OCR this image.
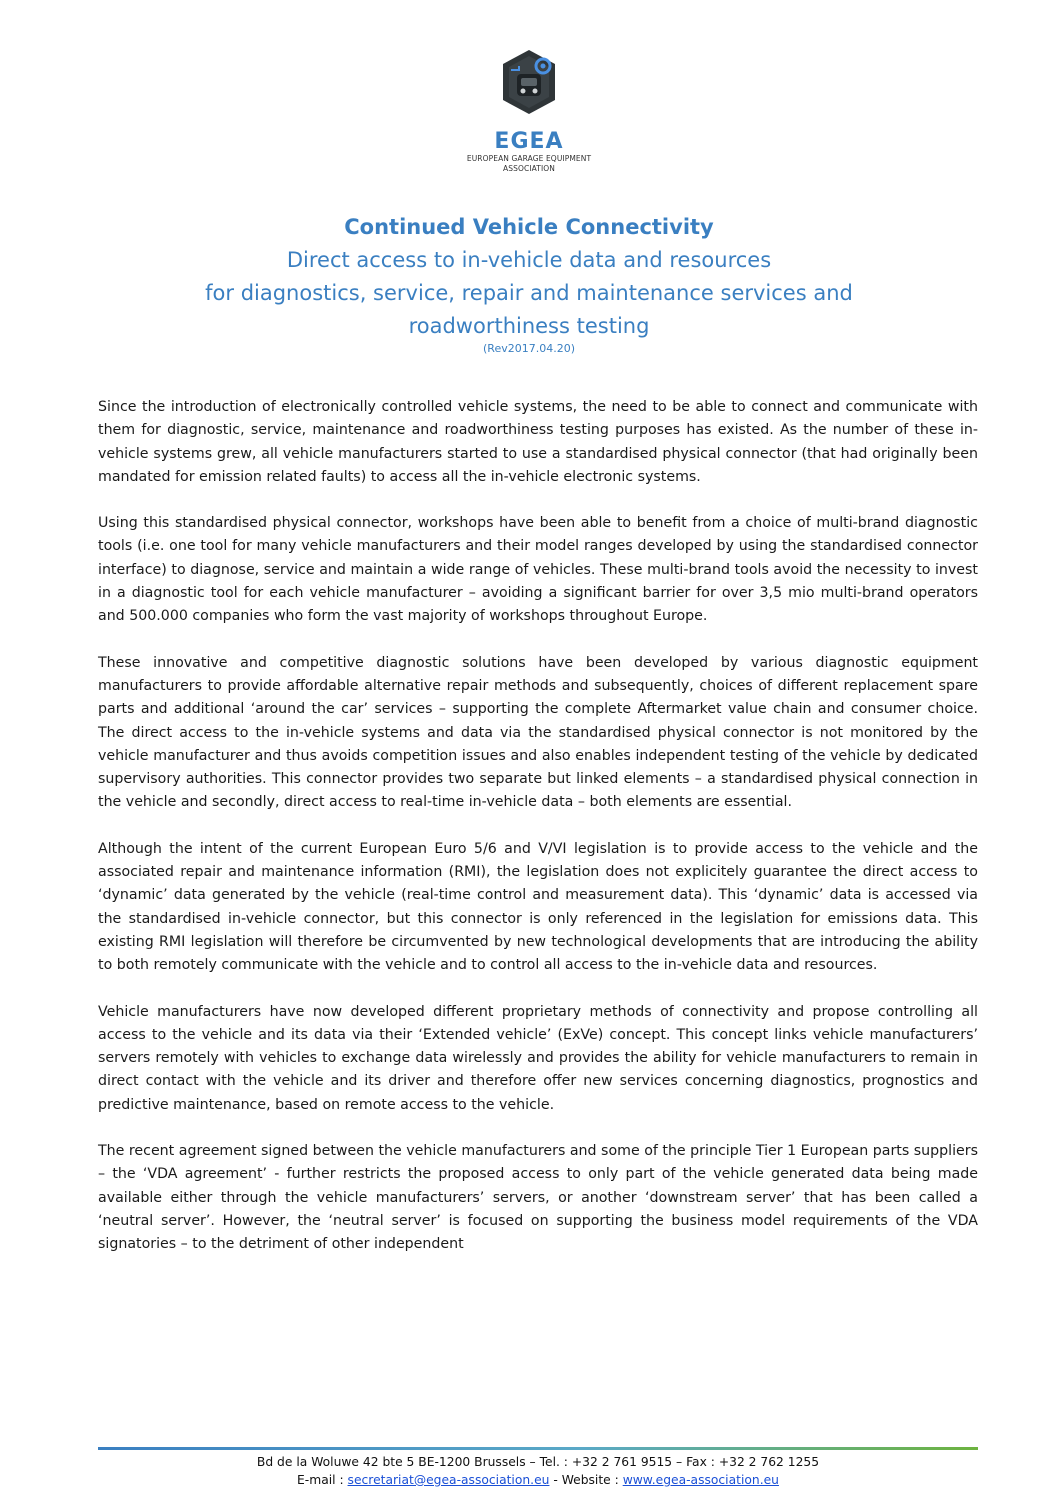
EGEA
EUROPEAN GARAGE EQUIPMENT
ASSOCIATION

Continued Vehicle Connectivity

Direct access to in-vehicle data and resources

for diagnostics, service, repair and maintenance services and

roadworthiness testing

(Rev2017.04.20)

Since the introduction of electronically controlled vehicle systems, the need to be able to connect and communicate with them for diagnostic, service, maintenance and roadworthiness testing purposes has existed. As the number of these in-vehicle systems grew, all vehicle manufacturers started to use a standardised physical connector (that had originally been mandated for emission related faults) to access all the in-vehicle electronic systems.

Using this standardised physical connector, workshops have been able to benefit from a choice of multi-brand diagnostic tools (i.e. one tool for many vehicle manufacturers and their model ranges developed by using the standardised connector interface) to diagnose, service and maintain a wide range of vehicles. These multi-brand tools avoid the necessity to invest in a diagnostic tool for each vehicle manufacturer – avoiding a significant barrier for over 3,5 mio multi-brand operators and 500.000 companies who form the vast majority of workshops throughout Europe.

These innovative and competitive diagnostic solutions have been developed by various diagnostic equipment manufacturers to provide affordable alternative repair methods and subsequently, choices of different replacement spare parts and additional ‘around the car’ services – supporting the complete Aftermarket value chain and consumer choice. The direct access to the in-vehicle systems and data via the standardised physical connector is not monitored by the vehicle manufacturer and thus avoids competition issues and also enables independent testing of the vehicle by dedicated supervisory authorities. This connector provides two separate but linked elements – a standardised physical connection in the vehicle and secondly, direct access to real-time in-vehicle data – both elements are essential.

Although the intent of the current European Euro 5/6 and V/VI legislation is to provide access to the vehicle and the associated repair and maintenance information (RMI), the legislation does not explicitely guarantee the direct access to ‘dynamic’ data generated by the vehicle (real-time control and measurement data). This ‘dynamic’ data is accessed via the standardised in-vehicle connector, but this connector is only referenced in the legislation for emissions data. This existing RMI legislation will therefore be circumvented by new technological developments that are introducing the ability to both remotely communicate with the vehicle and to control all access to the in-vehicle data and resources.

Vehicle manufacturers have now developed different proprietary methods of connectivity and propose controlling all access to the vehicle and its data via their ‘Extended vehicle’ (ExVe) concept. This concept links vehicle manufacturers’ servers remotely with vehicles to exchange data wirelessly and provides the ability for vehicle manufacturers to remain in direct contact with the vehicle and its driver and therefore offer new services concerning diagnostics, prognostics and predictive maintenance, based on remote access to the vehicle.

The recent agreement signed between the vehicle manufacturers and some of the principle Tier 1 European parts suppliers – the ‘VDA agreement’ - further restricts the proposed access to only part of the vehicle generated data being made available either through the vehicle manufacturers’ servers, or another ‘downstream server’ that has been called a ‘neutral server’. However, the ‘neutral server’ is focused on supporting the business model requirements of the VDA signatories – to the detriment of other independent

Bd de la Woluwe 42 bte 5 BE-1200 Brussels – Tel. : +32 2 761 9515 – Fax : +32 2 762 1255
E-mail : secretariat@egea-association.eu - Website : www.egea-association.eu
